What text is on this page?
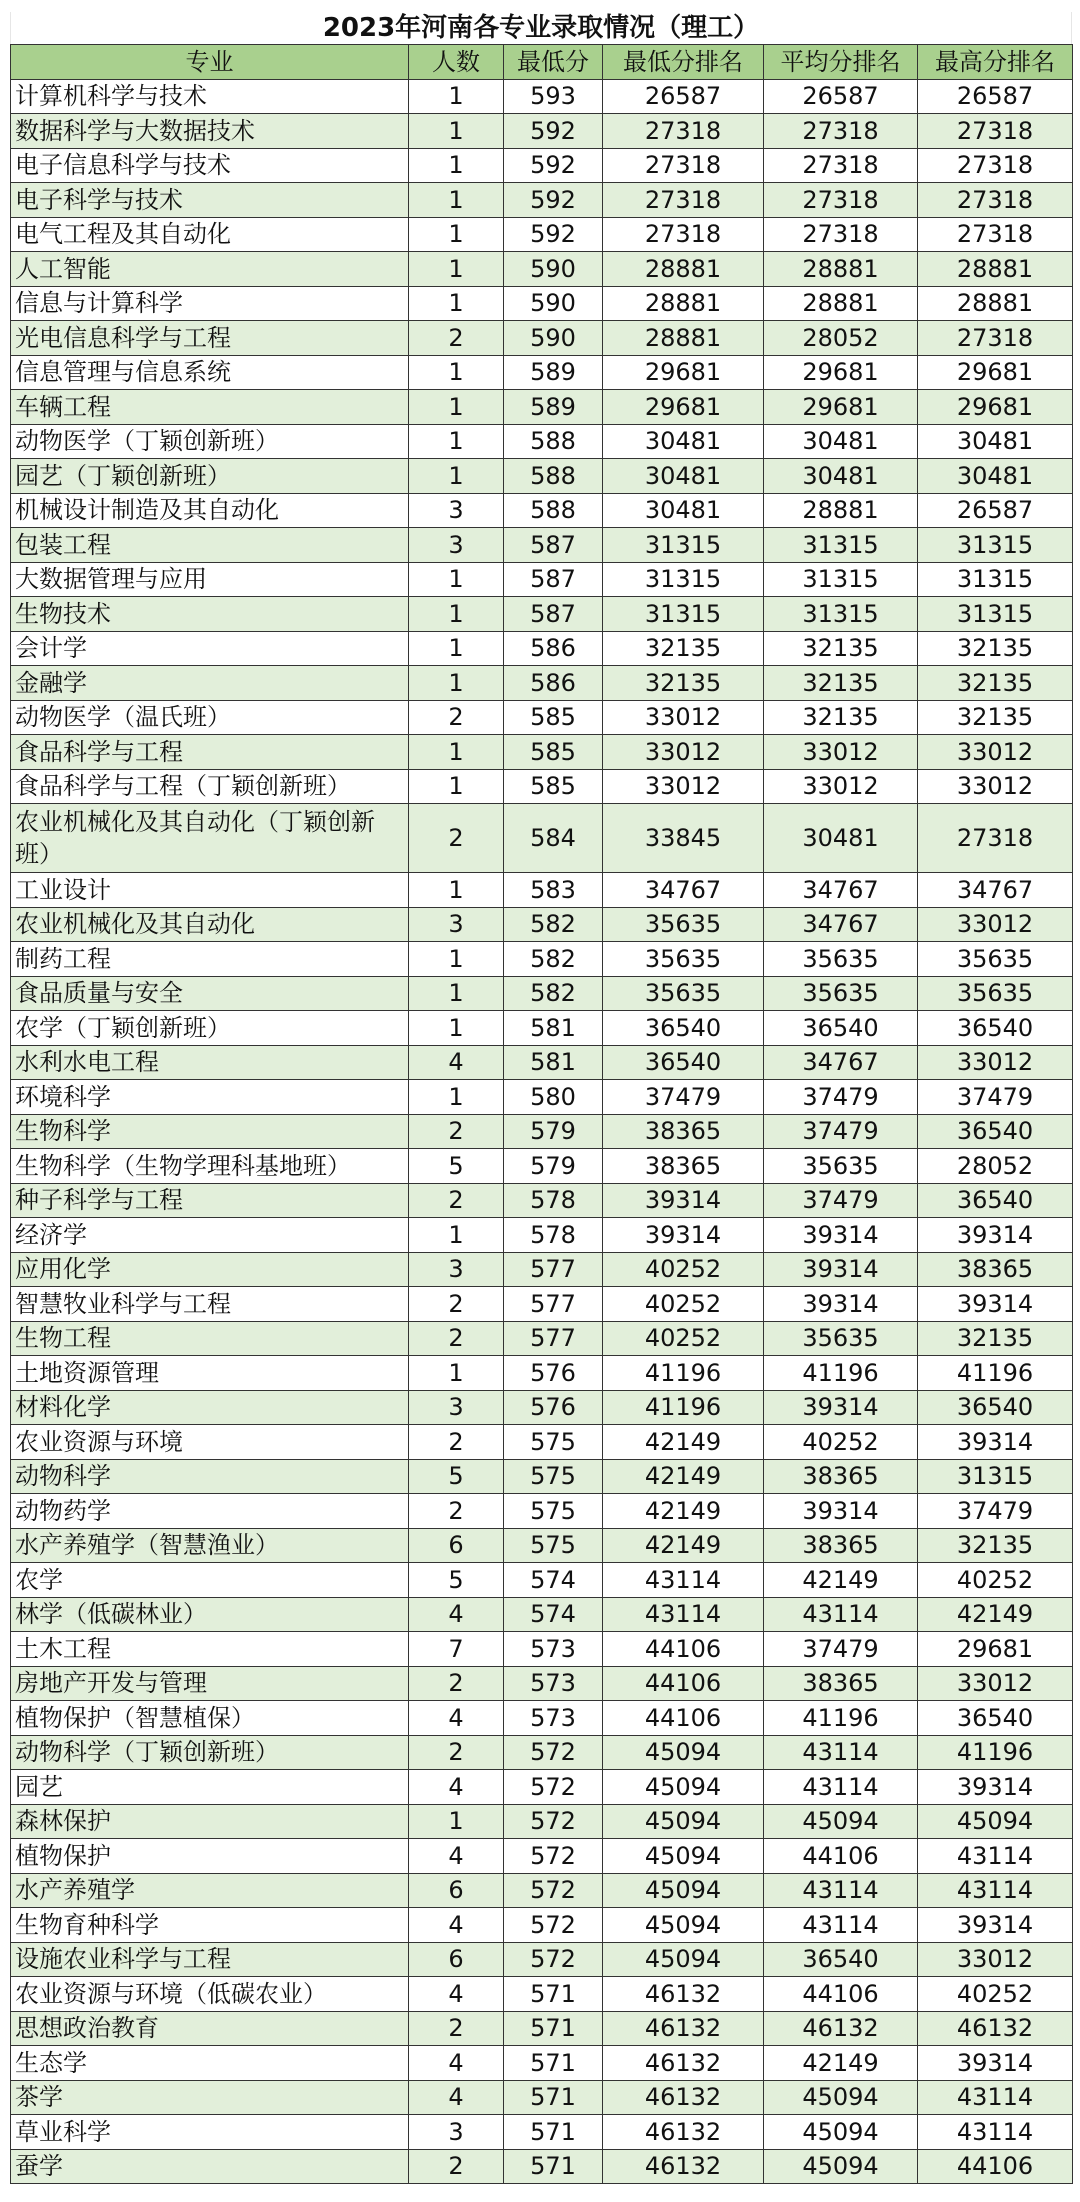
2023年河南各专业录取情况（理工）
专业	人数	最低分	最低分排名	平均分排名	最高分排名
计算机科学与技术	1	593	26587	26587	26587
数据科学与大数据技术	1	592	27318	27318	27318
电子信息科学与技术	1	592	27318	27318	27318
电子科学与技术	1	592	27318	27318	27318
电气工程及其自动化	1	592	27318	27318	27318
人工智能	1	590	28881	28881	28881
信息与计算科学	1	590	28881	28881	28881
光电信息科学与工程	2	590	28881	28052	27318
信息管理与信息系统	1	589	29681	29681	29681
车辆工程	1	589	29681	29681	29681
动物医学（丁颖创新班）	1	588	30481	30481	30481
园艺（丁颖创新班）	1	588	30481	30481	30481
机械设计制造及其自动化	3	588	30481	28881	26587
包装工程	3	587	31315	31315	31315
大数据管理与应用	1	587	31315	31315	31315
生物技术	1	587	31315	31315	31315
会计学	1	586	32135	32135	32135
金融学	1	586	32135	32135	32135
动物医学（温氏班）	2	585	33012	32135	32135
食品科学与工程	1	585	33012	33012	33012
食品科学与工程（丁颖创新班）	1	585	33012	33012	33012
农业机械化及其自动化（丁颖创新班）	2	584	33845	30481	27318
工业设计	1	583	34767	34767	34767
农业机械化及其自动化	3	582	35635	34767	33012
制药工程	1	582	35635	35635	35635
食品质量与安全	1	582	35635	35635	35635
农学（丁颖创新班）	1	581	36540	36540	36540
水利水电工程	4	581	36540	34767	33012
环境科学	1	580	37479	37479	37479
生物科学	2	579	38365	37479	36540
生物科学（生物学理科基地班）	5	579	38365	35635	28052
种子科学与工程	2	578	39314	37479	36540
经济学	1	578	39314	39314	39314
应用化学	3	577	40252	39314	38365
智慧牧业科学与工程	2	577	40252	39314	39314
生物工程	2	577	40252	35635	32135
土地资源管理	1	576	41196	41196	41196
材料化学	3	576	41196	39314	36540
农业资源与环境	2	575	42149	40252	39314
动物科学	5	575	42149	38365	31315
动物药学	2	575	42149	39314	37479
水产养殖学（智慧渔业）	6	575	42149	38365	32135
农学	5	574	43114	42149	40252
林学（低碳林业）	4	574	43114	43114	42149
土木工程	7	573	44106	37479	29681
房地产开发与管理	2	573	44106	38365	33012
植物保护（智慧植保）	4	573	44106	41196	36540
动物科学（丁颖创新班）	2	572	45094	43114	41196
园艺	4	572	45094	43114	39314
森林保护	1	572	45094	45094	45094
植物保护	4	572	45094	44106	43114
水产养殖学	6	572	45094	43114	43114
生物育种科学	4	572	45094	43114	39314
设施农业科学与工程	6	572	45094	36540	33012
农业资源与环境（低碳农业）	4	571	46132	44106	40252
思想政治教育	2	571	46132	46132	46132
生态学	4	571	46132	42149	39314
茶学	4	571	46132	45094	43114
草业科学	3	571	46132	45094	43114
蚕学	2	571	46132	45094	44106
